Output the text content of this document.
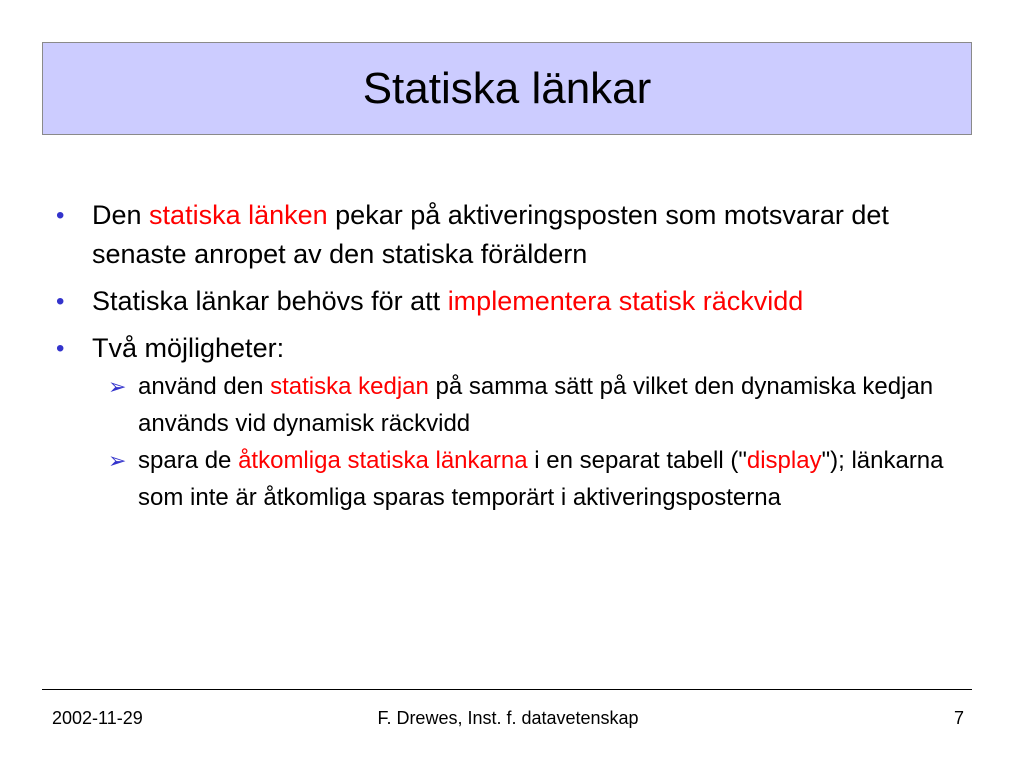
Statiska länkar
• Den statiska länken pekar på aktiveringsposten som motsvarar det senaste anropet av den statiska föräldern
• Statiska länkar behövs för att implementera statisk räckvidd
• Två möjligheter:
➢ använd den statiska kedjan på samma sätt på vilket den dynamiska kedjan används vid dynamisk räckvidd
➢ spara de åtkomliga statiska länkarna i en separat tabell ("display"); länkarna som inte är åtkomliga sparas temporärt i aktiveringsposterna
2002-11-29	F. Drewes, Inst. f. datavetenskap	7
